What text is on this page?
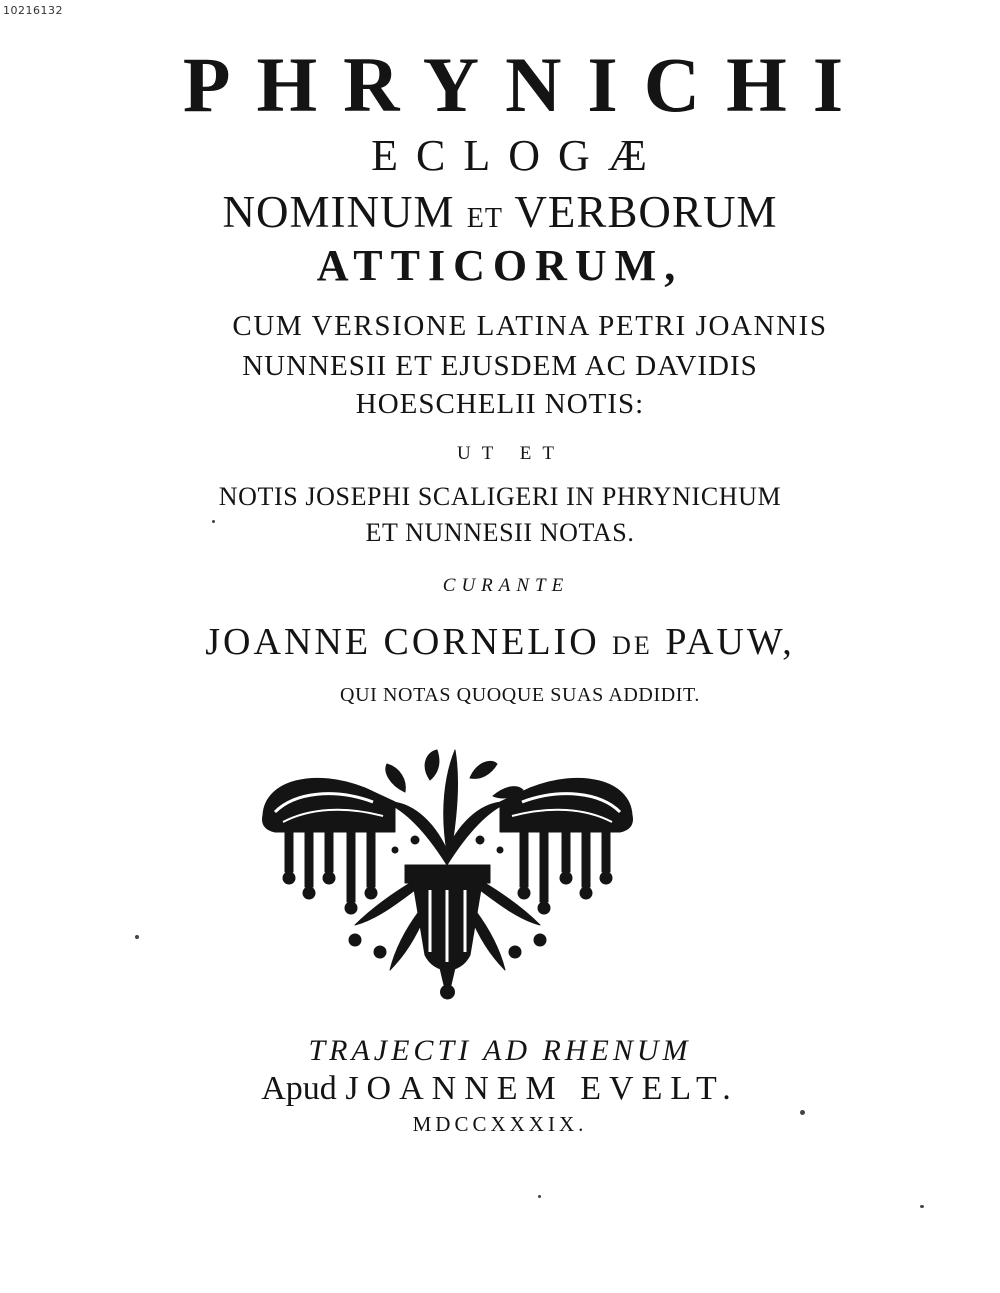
10216132
PHRYNICHI
ECLOGÆ
NOMINUM ET VERBORUM
ATTICORUM,
CUM VERSIONE LATINA PETRI JOANNIS
NUNNESII ET EJUSDEM AC DAVIDIS
HOESCHELII NOTIS:
UT ET
NOTIS JOSEPHI SCALIGERI IN PHRYNICHUM
ET NUNNESII NOTAS.
CURANTE
JOANNE CORNELIO DE PAUW,
QUI NOTAS QUOQUE SUAS ADDIDIT.
TRAJECTI AD RHENUM
Apud JOANNEM EVELT.
MDCCXXXIX.
